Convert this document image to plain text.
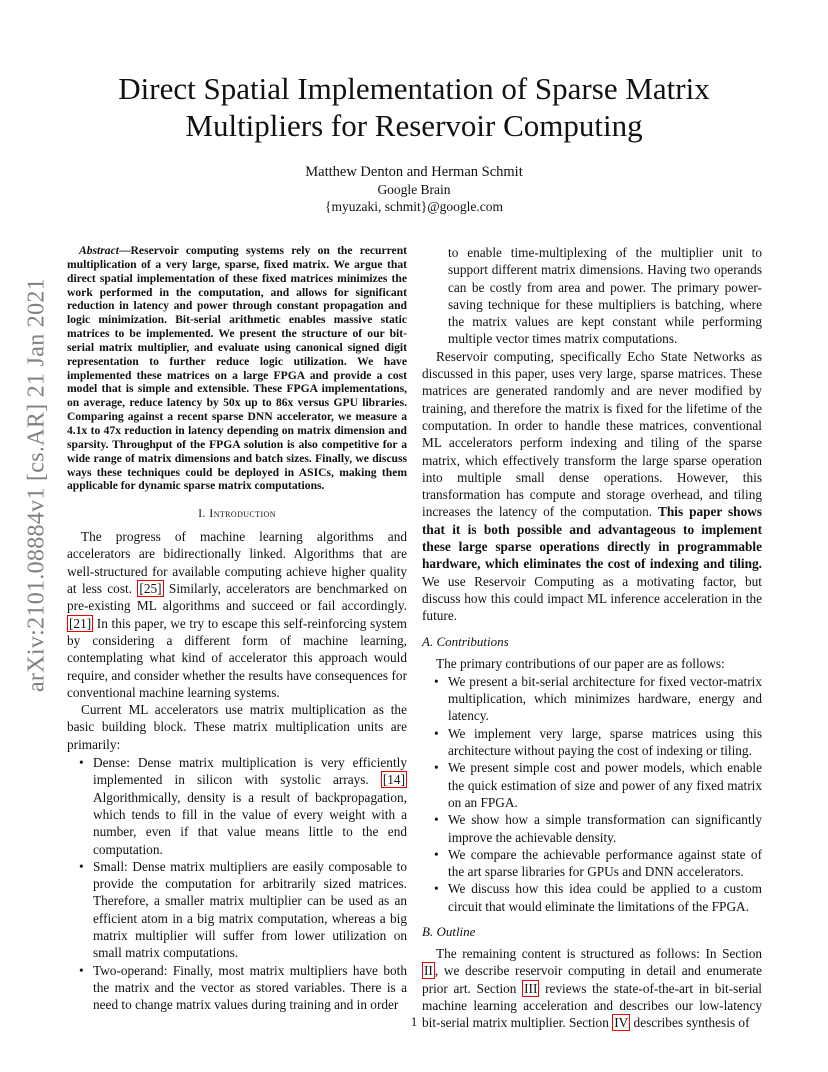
Direct Spatial Implementation of Sparse Matrix
Multipliers for Reservoir Computing
Matthew Denton and Herman Schmit
Google Brain
{myuzaki, schmit}@google.com
arXiv:2101.08884v1 [cs.AR] 21 Jan 2021

Abstract—Reservoir computing systems rely on the recurrent multiplication of a very large, sparse, fixed matrix. We argue that direct spatial implementation of these fixed matrices minimizes the work performed in the computation, and allows for significant reduction in latency and power through constant propagation and logic minimization. Bit-serial arithmetic enables massive static matrices to be implemented. We present the structure of our bit-serial matrix multiplier, and evaluate using canonical signed digit representation to further reduce logic utilization. We have implemented these matrices on a large FPGA and provide a cost model that is simple and extensible. These FPGA implementations, on average, reduce latency by 50x up to 86x versus GPU libraries. Comparing against a recent sparse DNN accelerator, we measure a 4.1x to 47x reduction in latency depending on matrix dimension and sparsity. Throughput of the FPGA solution is also competitive for a wide range of matrix dimensions and batch sizes. Finally, we discuss ways these techniques could be deployed in ASICs, making them applicable for dynamic sparse matrix computations.

I. Introduction

The progress of machine learning algorithms and accelerators are bidirectionally linked. Algorithms that are well-structured for available computing achieve higher quality at less cost. [25] Similarly, accelerators are benchmarked on pre-existing ML algorithms and succeed or fail accordingly. [21] In this paper, we try to escape this self-reinforcing system by considering a different form of machine learning, contemplating what kind of accelerator this approach would require, and consider whether the results have consequences for conventional machine learning systems.

Current ML accelerators use matrix multiplication as the basic building block. These matrix multiplication units are primarily:

• Dense: Dense matrix multiplication is very efficiently implemented in silicon with systolic arrays. [14] Algorithmically, density is a result of backpropagation, which tends to fill in the value of every weight with a number, even if that value means little to the end computation.
• Small: Dense matrix multipliers are easily composable to provide the computation for arbitrarily sized matrices. Therefore, a smaller matrix multiplier can be used as an efficient atom in a big matrix computation, whereas a big matrix multiplier will suffer from lower utilization on small matrix computations.
• Two-operand: Finally, most matrix multipliers have both the matrix and the vector as stored variables. There is a need to change matrix values during training and in order

to enable time-multiplexing of the multiplier unit to support different matrix dimensions. Having two operands can be costly from area and power. The primary power-saving technique for these multipliers is batching, where the matrix values are kept constant while performing multiple vector times matrix computations.

Reservoir computing, specifically Echo State Networks as discussed in this paper, uses very large, sparse matrices. These matrices are generated randomly and are never modified by training, and therefore the matrix is fixed for the lifetime of the computation. In order to handle these matrices, conventional ML accelerators perform indexing and tiling of the sparse matrix, which effectively transform the large sparse operation into multiple small dense operations. However, this transformation has compute and storage overhead, and tiling increases the latency of the computation. This paper shows that it is both possible and advantageous to implement these large sparse operations directly in programmable hardware, which eliminates the cost of indexing and tiling. We use Reservoir Computing as a motivating factor, but discuss how this could impact ML inference acceleration in the future.

A. Contributions

The primary contributions of our paper are as follows:

• We present a bit-serial architecture for fixed vector-matrix multiplication, which minimizes hardware, energy and latency.
• We implement very large, sparse matrices using this architecture without paying the cost of indexing or tiling.
• We present simple cost and power models, which enable the quick estimation of size and power of any fixed matrix on an FPGA.
• We show how a simple transformation can significantly improve the achievable density.
• We compare the achievable performance against state of the art sparse libraries for GPUs and DNN accelerators.
• We discuss how this idea could be applied to a custom circuit that would eliminate the limitations of the FPGA.
B. Outline

The remaining content is structured as follows: In Section II , we describe reservoir computing in detail and enumerate prior art. Section III reviews the state-of-the-art in bit-serial machine learning acceleration and describes our low-latency bit-serial matrix multiplier. Section IV describes synthesis of

1
